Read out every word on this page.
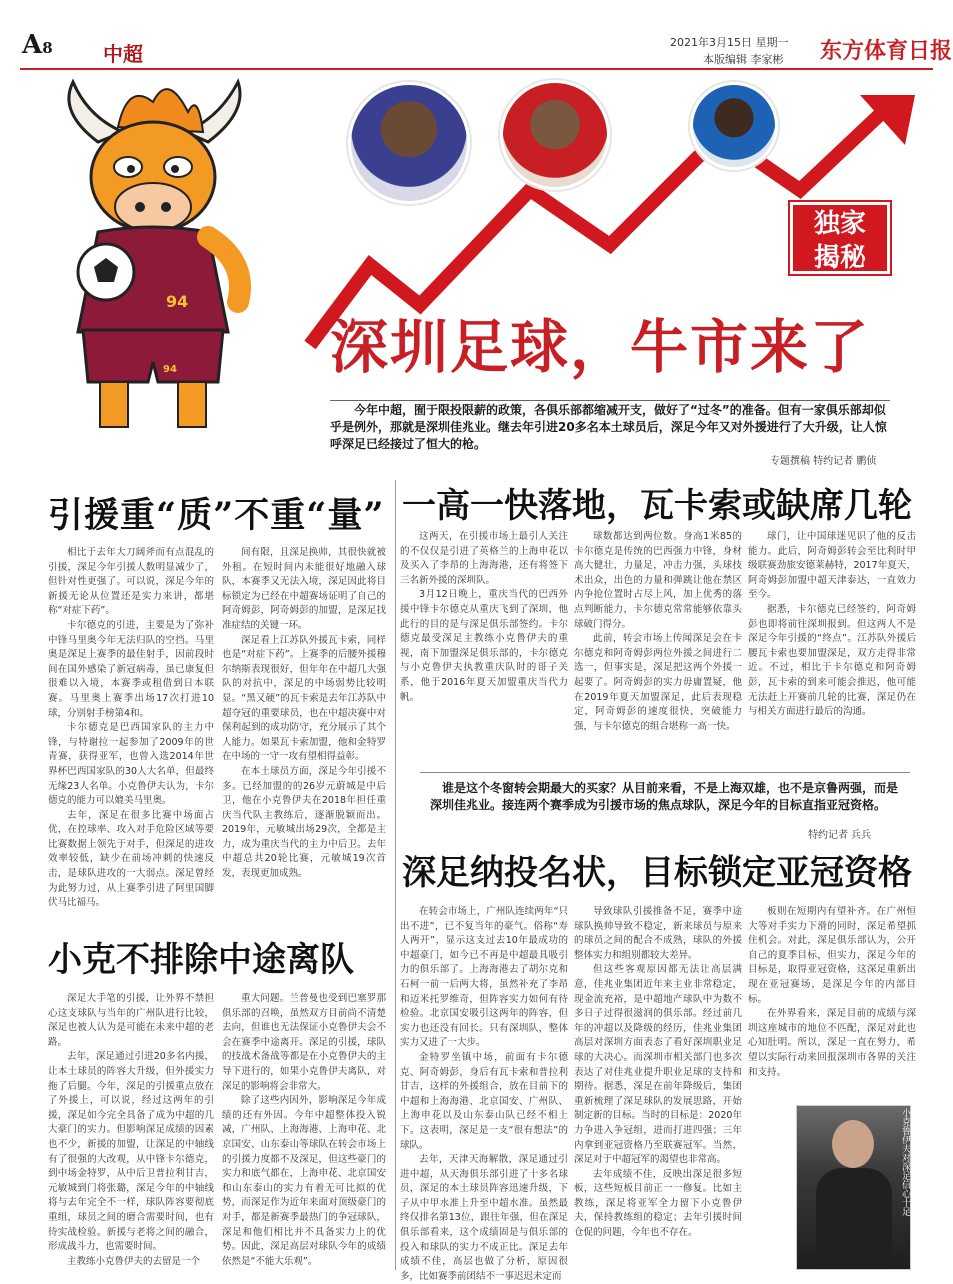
A8	中超	2021年3月15日 星期一
本版编辑 李家彬 东方体育日报
94
94
独家
揭秘
深圳足球，牛市来了
今年中超，囿于限投限薪的政策，各俱乐部都缩减开支，做好了“过冬”的准备。但有一家俱乐部却似乎是例外，那就是深圳佳兆业。继去年引进20多名本土球员后，深足今年又对外援进行了大升级，让人惊呼深足已经接过了恒大的枪。
专题撰稿 特约记者 鹏侦
引援重“质”不重“量”

相比于去年大刀阔斧而有点混乱的引援，深足今年引援人数明显减少了，但针对性更强了。可以说，深足今年的新援无论从位置还是实力来讲，都堪称“对症下药”。

卡尔德克的引进，主要是为了弥补中锋马里奥今年无法归队的空挡。马里奥是深足上赛季的最佳射手，因前段时间在国外感染了新冠病毒，虽已康复但很难以入境，本赛季或租借到日本联赛。马里奥上赛季出场17次打进10球，分别射手榜第4和。

卡尔德克是巴西国家队的主力中锋，与特谢拉一起参加了2009年的世青赛，获得亚军，也曾入选2014年世界杯巴西国家队的30人大名单，但最终无缘23人名单。小克鲁伊夫认为，卡尔德克的能力可以媲美马里奥。

去年，深足在很多比赛中场面占优，在控球率、攻入对手危险区域等要比赛数据上领先于对手，但深足的进攻效率较低，缺少在前场冲刺的快速反击，是球队进攻的一大弱点。深足曾经为此努力过，从上赛季引进了阿里国脚伏马比福马。

间有限，且深足换帅，其很快就被外租。在短时间内未能很好地融入球队，本赛季又无法入境，深足因此将目标锁定为已经在中超赛场证明了自己的阿奇姆彭，阿奇姆彭的加盟，是深足找准症结的关键一环。

深足看上江苏队外援瓦卡索，同样也是“对症下药”。上赛季的后腰外援穆尔纳斯表现很好，但年年在中超几大强队的对抗中，深足的中场弱势比较明显。“黑又硬”的瓦卡索是去年江苏队中超夺冠的重要球员，也在中超决赛中对保利起到的成功防守，充分展示了其个人能力。如果瓦卡索加盟，他和金特罗在中场的一守一攻有望相得益彰。

在本土球员方面，深足今年引援不多。已经加盟的的26岁元蔚城是中后卫，他在小克鲁伊夫在2018年担任重庆当代队主教练后，逐渐脱颖而出。2019年，元敏城出场29次，全都是主力，成为重庆当代的主力中后卫。去年中超总共20轮比赛，元敏城19次首发，表现更加成熟。

一高一快落地，瓦卡索或缺席几轮

这两天，在引援市场上最引人关注的不仅仅是引进了英格兰的上海申花以及买入了李昂的上海海港，还有将签下三名新外援的深圳队。

3月12日晚上，重庆当代的巴西外援中锋卡尔德克从重庆飞到了深圳，他此行的目的是与深足俱乐部签约。卡尔德克最受深足主教练小克鲁伊夫的重视，南下加盟深足俱乐部的，卡尔德克与小克鲁伊夫执教重庆队时的哥子关系，他于2016年夏天加盟重庆当代力帆。

球数都达到两位数。身高1米85的卡尔德克是传统的巴西强力中锋，身材高大健壮，力量足，冲击力强，头球技术出众，出色的力量和弹跳让他在禁区内争抢位置时占尽上风，加上优秀的落点判断能力，卡尔德克常常能够依靠头球破门得分。

此前，转会市场上传闻深足会在卡尔德克和阿奇姆彭两位外援之间进行二选一，但事实是，深足把这两个外援一起要了。阿奇姆彭的实力毋庸置疑，他在2019年夏天加盟深足，此后表现稳定，阿奇姆彭的速度很快，突破能力强，与卡尔德克的组合堪称一高一快。

球门，让中国球迷见识了他的反击能力。此后，阿奇姆彭转会至比利时甲级联赛劲旅安德莱赫特，2017年夏天，阿奇姆彭加盟中超天津泰达，一直效力至今。

据悉，卡尔德克已经签约，阿奇姆彭也即将前往深圳报到。但这两人不是深足今年引援的“终点”。江苏队外援后腰瓦卡索也要加盟深足，双方走得非常近。不过，相比于卡尔德克和阿奇姆彭，瓦卡索的到来可能会推迟，他可能无法赶上开赛前几轮的比赛，深足仍在与相关方面进行最后的沟通。

谁是这个冬窗转会期最大的买家？从目前来看，不是上海双雄，也不是京鲁两强，而是深圳佳兆业。接连两个赛季成为引援市场的焦点球队，深足今年的目标直指亚冠资格。
特约记者 兵兵
深足纳投名状，目标锁定亚冠资格

在转会市场上，广州队连续两年“只出不进”，已不复当年的豪气。俗称“寿人两开”，显示这支过去10年最成功的中超豪门，如今已不再是中超最具吸引力的俱乐部了。上海海港去了胡尔克和石柯一前一后两大将，虽然补充了李昂和迈米托罗维奇，但阵容实力如何有待检验。北京国安吸引这两年的阵容，但实力也还没有回长。只有深圳队，整体实力又进了一大步。

金特罗坐镇中场，前面有卡尔德克、阿奇姆彭，身后有瓦卡索和普拉利甘吉，这样的外援组合，放在目前下的中超和上海海港、北京国安、广州队、上海申花以及山东泰山队已经不相上下。这表明，深足是一支“很有想法”的球队。

去年，天津天海解散，深足通过引进中超，从天海俱乐部引进了十多名球员，深足的本土球员阵容迅速升级，下子从中甲水准上升至中超水准。虽然最终仅排名第13位，跟往年强，但在深足俱乐部看来，这个成绩固是与俱乐部的投入和球队的实力不成正比。深足去年成绩不佳，高层也做了分析，原因很多，比如赛季前团结不一事迟迟未定而

导致球队引援推备不足，赛季中途球队换帅导致不稳定，新来球员与原来的球员之间的配合不成熟，球队的外援整体实力和组别都较大差异。

但这些客观原因都无法让高层满意，佳兆业集团近年来主业非常稳定，现金流充裕，是中超地产球队中为数不多日子过得很滋润的俱乐部。经过前几年的冲超以及降级的经历，佳兆业集团高层对深圳方面表态了看好深圳职业足球的大决心。而深圳市相关部门也多次表达了对佳兆业提升职业足球的支持和期待。据悉，深足在前年降级后，集团重新梳理了深足球队的发展思路，开始制定新的目标。当时的目标是：2020年力争进入争冠组，进而打进四强；三年内拿到亚冠资格乃至联赛冠军。当然，深足对于中超冠军的渴望也非常高。

去年成绩不佳，反映出深足很多短板，这些短板目前正一一修复。比如主教练，深足将亚军全力留下小克鲁伊夫，保持教练组的稳定；去年引援时间仓促的问题，今年也不存在。

板则在短期内有望补齐。在广州恒大等对手实力下滑的同时，深足希望抓住机会。对此，深足俱乐部认为，公开自己的夏季目标，但实力，深足今年的目标是，取得亚冠资格，这深足重新出现在亚冠赛场，是深足今年的内部目标。

在外界看来，深足目前的成绩与深圳这座城市的地位不匹配，深足对此也心知肚明。所以，深足一直在努力，希望以实际行动来回报深圳市各界的关注和支持。

小克鲁伊夫对深足信心十足
小克不排除中途离队

深足大手笔的引援，让外界不禁担心这支球队与当年的广州队进行比较，深足也被人认为是可能在未来中超的老路。

去年，深足通过引进20多名内援，让本土球员的阵容大升级，但外援实力拖了后腿。今年，深足的引援重点放在了外援上，可以说，经过这两年的引援，深足如今完全具备了成为中超的几大豪门的实力。但影响深足成绩的因素也不少，新援的加盟，让深足的中轴线有了很强的大改观，从中锋卡尔德克，到中场金特罗，从中后卫普拉利甘吉，元敏城到门将张璐，深足今年的中轴线将与去年完全不一样，球队阵容要彻底重组，球员之间的磨合需要时间，也有待实战检验。新援与老将之间的融合，形成战斗力，也需要时间。

主教练小克鲁伊夫的去留是一个

重大问题。兰普曼也受到巴塞罗那俱乐部的召唤，虽然双方目前尚不清楚去向，但谁也无法保证小克鲁伊夫会不会在赛季中途离开。深足的引援，球队的技战术备战等都是在小克鲁伊夫的主导下进行的，如果小克鲁伊夫离队，对深足的影响将会非常大。

除了这些内因外，影响深足今年成绩的还有外因。今年中超整体投入锐减，广州队、上海海港、上海申花、北京国安、山东泰山等球队在转会市场上的引援力度都不及深足，但这些豪门的实力和底气都在，上海申花、北京国安和山东泰山的实力有着无可比拟的优势，而深足作为近年来面对顶级豪门的对手，都是新赛季最热门的争冠球队，深足和他们相比并不具备实力上的优势。因此，深足高层对球队今年的成绩依然是“不能大乐观”。
